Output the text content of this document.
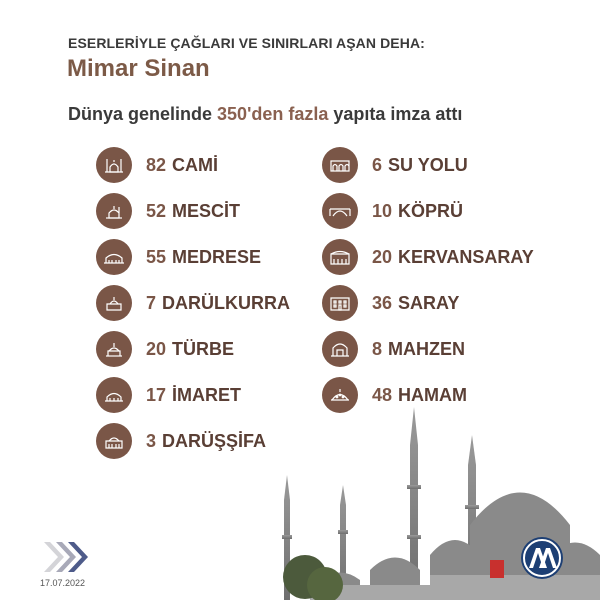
ESERLERİYLE ÇAĞLARI VE SINIRLARI AŞAN DEHA:
Mimar Sinan
Dünya genelinde 350'den fazla yapıta imza attı
82 CAMİ
52 MESCİT
55 MEDRESE
7 DARÜLKURRA
20 TÜRBE
17 İMARET
3 DARÜŞŞİFA
6 SU YOLU
10 KÖPRÜ
20 KERVANSARAY
36 SARAY
8 MAHZEN
48 HAMAM
17.07.2022
